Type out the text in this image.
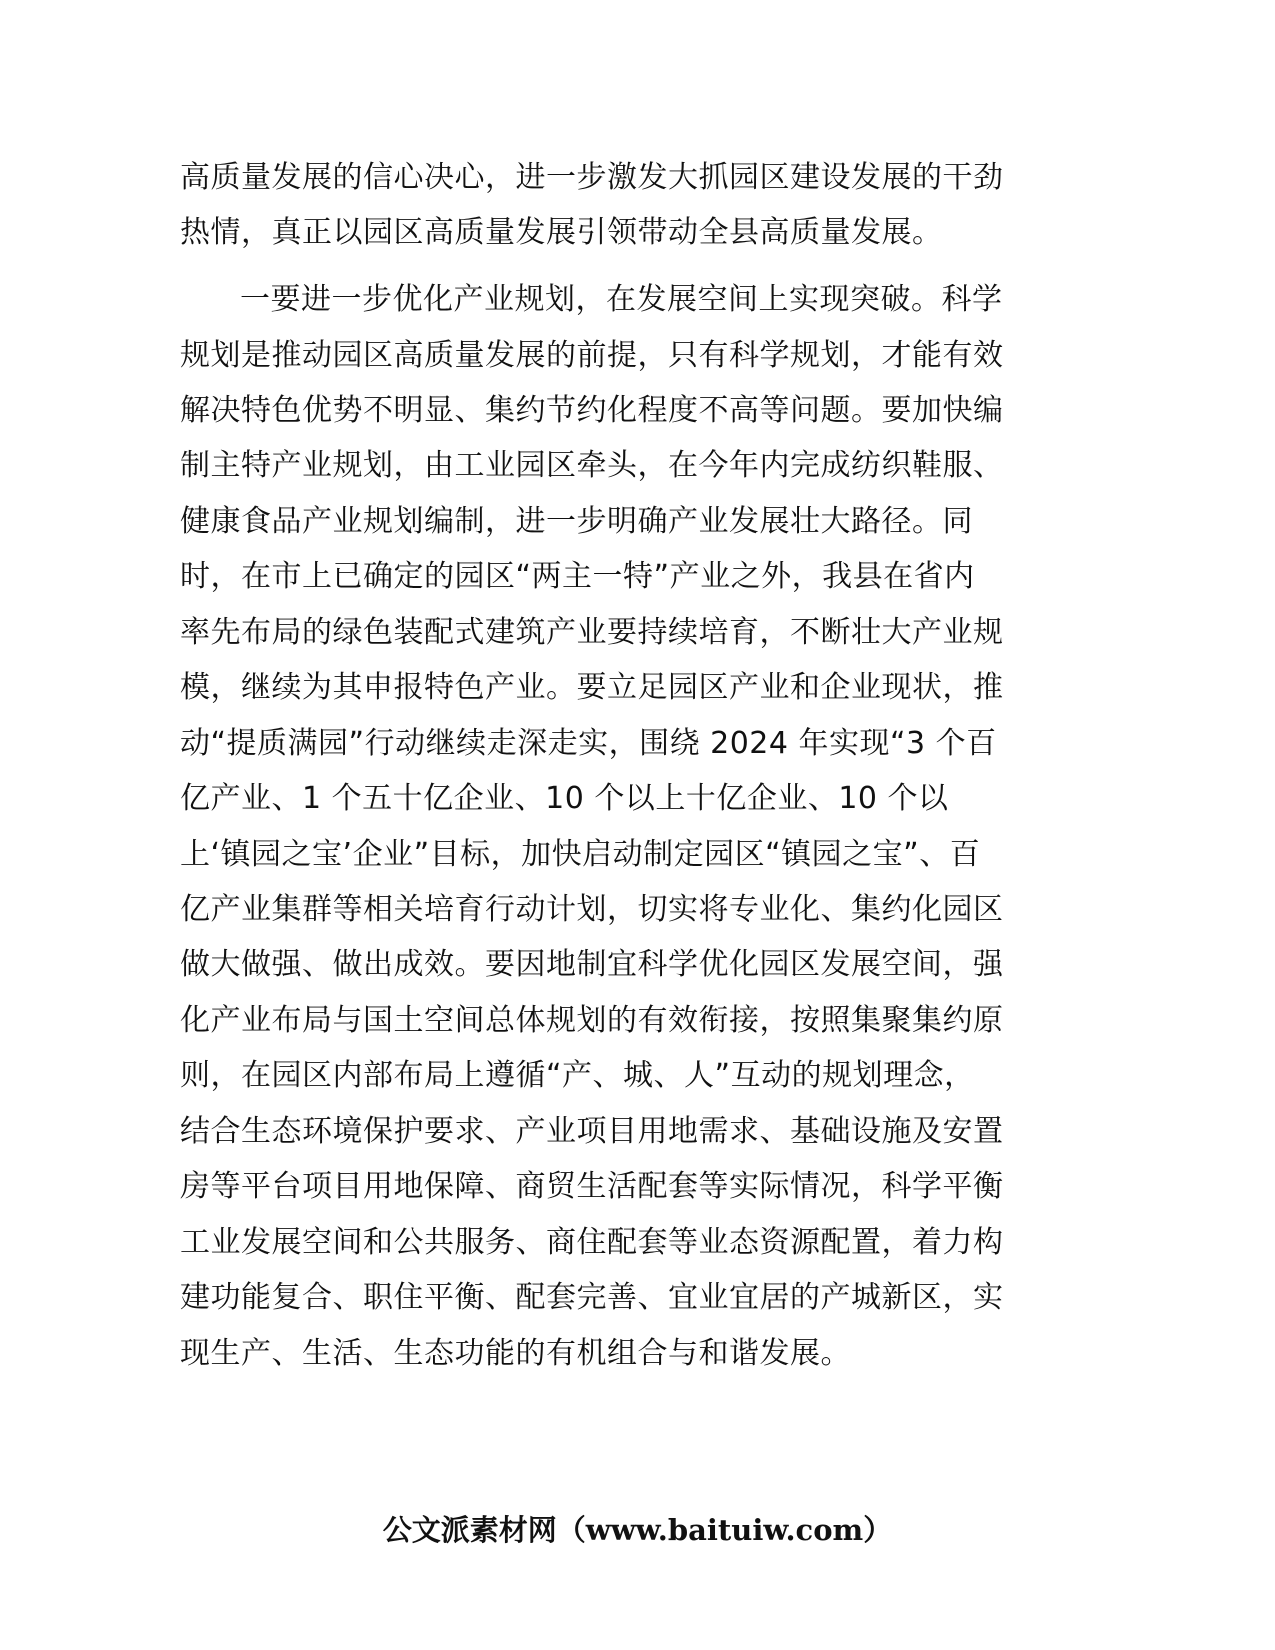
高质量发展的信心决心，进一步激发大抓园区建设发展的干劲
热情，真正以园区高质量发展引领带动全县高质量发展。
一要进一步优化产业规划，在发展空间上实现突破。科学
规划是推动园区高质量发展的前提，只有科学规划，才能有效
解决特色优势不明显、集约节约化程度不高等问题。要加快编
制主特产业规划，由工业园区牵头，在今年内完成纺织鞋服、
健康食品产业规划编制，进一步明确产业发展壮大路径。同
时，在市上已确定的园区“两主一特”产业之外，我县在省内
率先布局的绿色装配式建筑产业要持续培育，不断壮大产业规
模，继续为其申报特色产业。要立足园区产业和企业现状，推
动“提质满园”行动继续走深走实，围绕 2024 年实现“3 个百
亿产业、1 个五十亿企业、10 个以上十亿企业、10 个以
上‘镇园之宝’企业”目标，加快启动制定园区“镇园之宝”、百
亿产业集群等相关培育行动计划，切实将专业化、集约化园区
做大做强、做出成效。要因地制宜科学优化园区发展空间，强
化产业布局与国土空间总体规划的有效衔接，按照集聚集约原
则，在园区内部布局上遵循“产、城、人”互动的规划理念，
结合生态环境保护要求、产业项目用地需求、基础设施及安置
房等平台项目用地保障、商贸生活配套等实际情况，科学平衡
工业发展空间和公共服务、商住配套等业态资源配置，着力构
建功能复合、职住平衡、配套完善、宜业宜居的产城新区，实
现生产、生活、生态功能的有机组合与和谐发展。
公文派素材网（www.baituiw.com）
